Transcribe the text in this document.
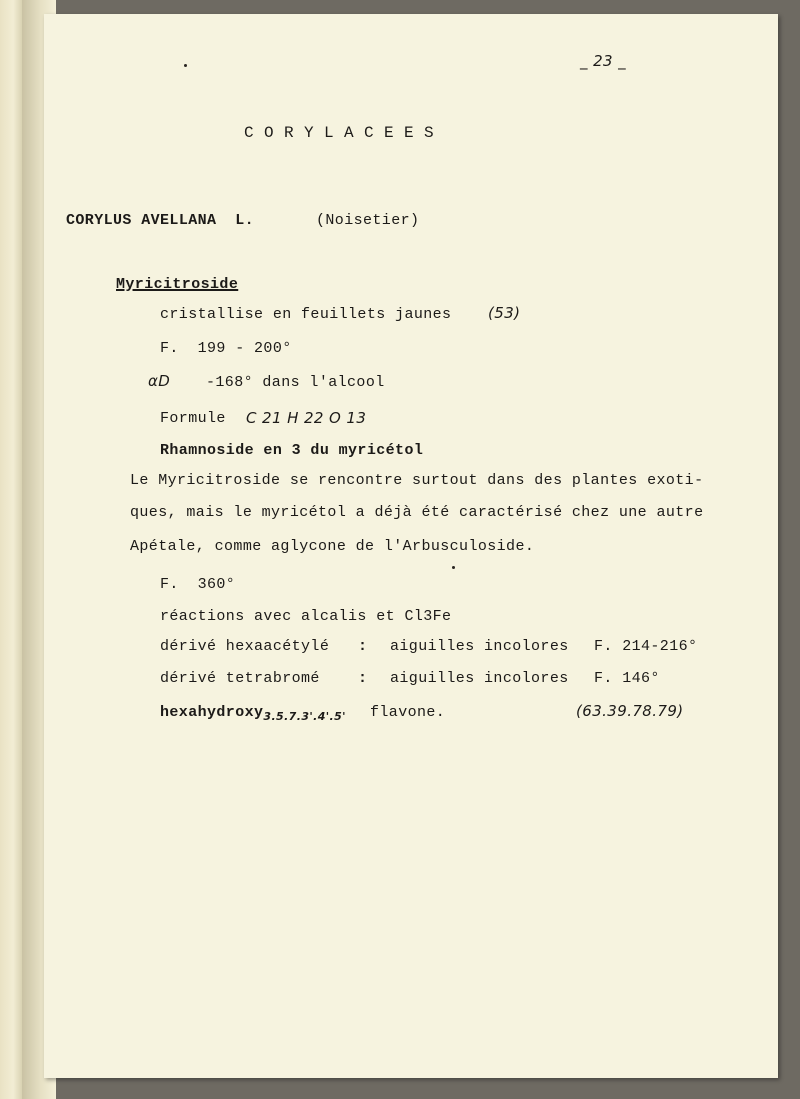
_ 23 _
C O R Y L A C E E S
CORYLUS AVELLANA  L.	(Noisetier)
Myricitroside
cristallise en feuillets jaunes (53)
F.  199 - 200°
αD -168° dans l'alcool
Formule C 21 H 22 O 13
Rhamnoside en 3 du myricétol
Le Myricitroside se rencontre surtout dans des plantes exoti-
ques, mais le myricétol a déjà été caractérisé chez une autre
Apétale, comme aglycone de l'Arbusculoside.
F.  360°
réactions avec alcalis et Cl3Fe
dérivé hexaacétylé : aiguilles incolores F. 214-216°
dérivé tetrabromé	: aiguilles incolores F. 146°
hexahydroxy$_{3.5.7.3'.4'.5'}$ flavone.	(63.39.78.79)
